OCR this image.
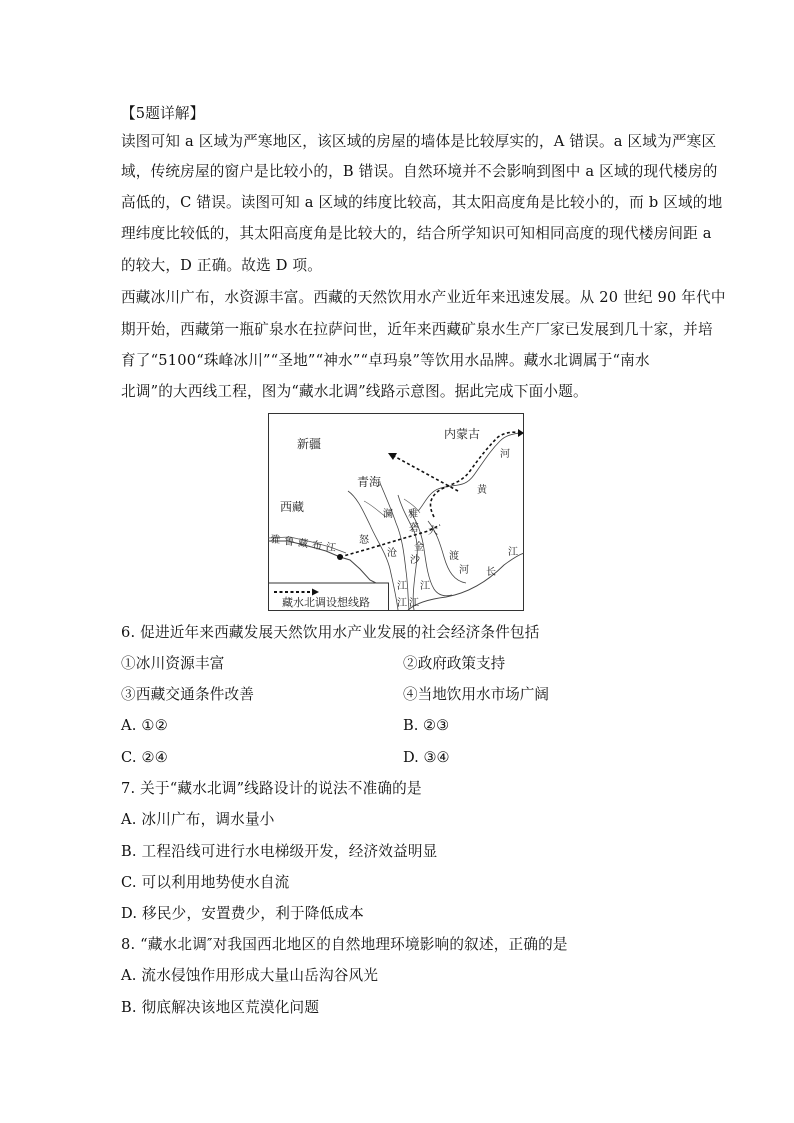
【5题详解】
读图可知 a 区域为严寒地区，该区域的房屋的墙体是比较厚实的，A 错误。a 区域为严寒区
域，传统房屋的窗户是比较小的，B 错误。自然环境并不会影响到图中 a 区域的现代楼房的
高低的，C 错误。读图可知 a 区域的纬度比较高，其太阳高度角是比较小的，而 b 区域的地
理纬度比较低的，其太阳高度角是比较大的，结合所学知识可知相同高度的现代楼房间距 a
的较大，D 正确。故选 D 项。
西藏冰川广布，水资源丰富。西藏的天然饮用水产业近年来迅速发展。从 20 世纪 90 年代中
期开始，西藏第一瓶矿泉水在拉萨问世，近年来西藏矿泉水生产厂家已发展到几十家，并培
育了“5100“珠峰冰川”“圣地”“神水”“卓玛泉”等饮用水品牌。藏水北调属于“南水
北调”的大西线工程，图为“藏水北调”线路示意图。据此完成下面小题。
藏水北调设想线路
新疆
内蒙古
青海
西藏
河
黄
澜 雅
怒
沧
砻 大
渡
河 长
江
金
沙
江
江
江 江
雅鲁藏布江
6. 促进近年来西藏发展天然饮用水产业发展的社会经济条件包括
①冰川资源丰富	②政府政策支持
③西藏交通条件改善	④当地饮用水市场广阔
A. ①②	B. ②③
C. ②④	D. ③④
7. 关于“藏水北调”线路设计的说法不准确的是
A. 冰川广布，调水量小
B. 工程沿线可进行水电梯级开发，经济效益明显
C. 可以利用地势使水自流
D. 移民少，安置费少，利于降低成本
8. “藏水北调″对我国西北地区的自然地理环境影响的叙述，正确的是
A. 流水侵蚀作用形成大量山岳沟谷风光
B. 彻底解决该地区荒漠化问题
